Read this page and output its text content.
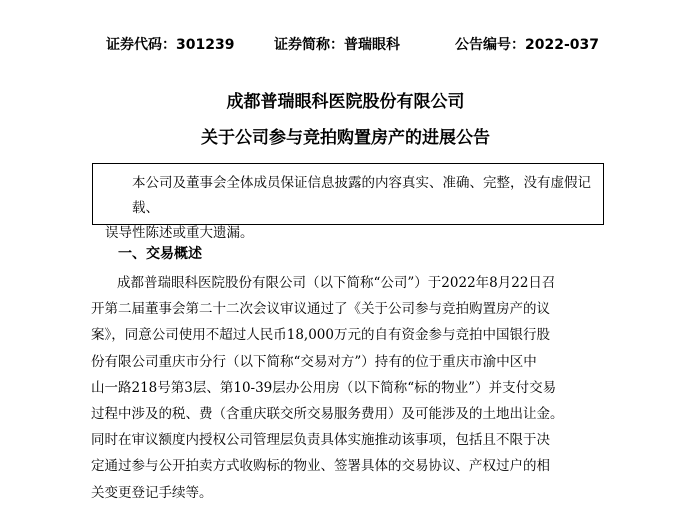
证券代码：301239	证券简称：普瑞眼科	公告编号：2022-037
成都普瑞眼科医院股份有限公司
关于公司参与竞拍购置房产的进展公告
本公司及董事会全体成员保证信息披露的内容真实、准确、完整，没有虚假记载、
误导性陈述或重大遗漏。
一、交易概述
成都普瑞眼科医院股份有限公司（以下简称“公司”）于2022年8月22日召
开第二届董事会第二十二次会议审议通过了《关于公司参与竞拍购置房产的议
案》，同意公司使用不超过人民币18,000万元的自有资金参与竞拍中国银行股
份有限公司重庆市分行（以下简称“交易对方”）持有的位于重庆市渝中区中
山一路218号第3层、第10-39层办公用房（以下简称“标的物业”）并支付交易
过程中涉及的税、费（含重庆联交所交易服务费用）及可能涉及的土地出让金。
同时在审议额度内授权公司管理层负责具体实施推动该事项，包括且不限于决
定通过参与公开拍卖方式收购标的物业、签署具体的交易协议、产权过户的相
关变更登记手续等。
